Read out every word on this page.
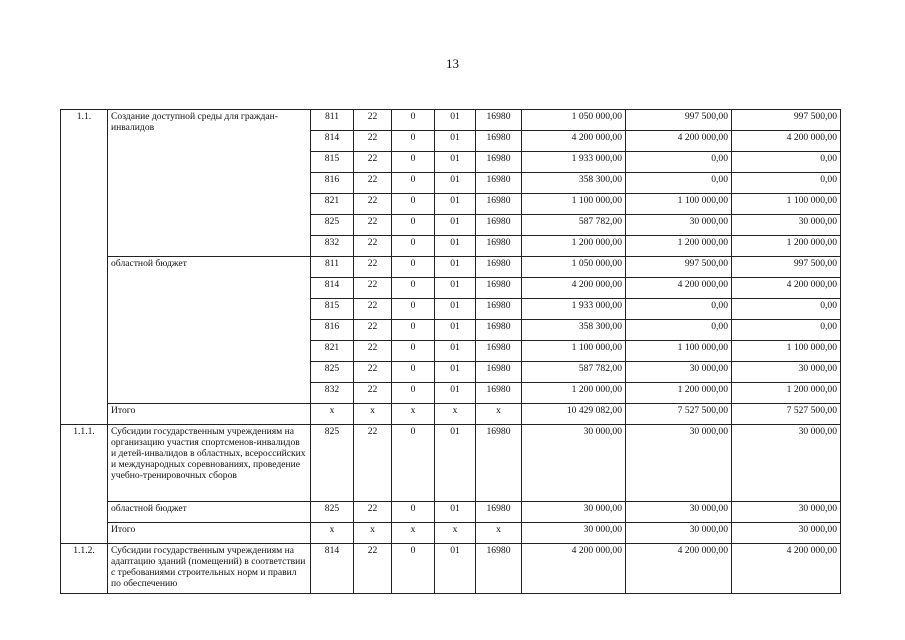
13
1.1.	Создание доступной среды для граждан-инвалидов	811	22	0	01	16980	1 050 000,00	997 500,00	997 500,00
		814	22	0	01	16980	4 200 000,00	4 200 000,00	4 200 000,00
		815	22	0	01	16980	1 933 000,00	0,00	0,00
		816	22	0	01	16980	358 300,00	0,00	0,00
		821	22	0	01	16980	1 100 000,00	1 100 000,00	1 100 000,00
		825	22	0	01	16980	587 782,00	30 000,00	30 000,00
		832	22	0	01	16980	1 200 000,00	1 200 000,00	1 200 000,00
	областной бюджет	811	22	0	01	16980	1 050 000,00	997 500,00	997 500,00
		814	22	0	01	16980	4 200 000,00	4 200 000,00	4 200 000,00
		815	22	0	01	16980	1 933 000,00	0,00	0,00
		816	22	0	01	16980	358 300,00	0,00	0,00
		821	22	0	01	16980	1 100 000,00	1 100 000,00	1 100 000,00
		825	22	0	01	16980	587 782,00	30 000,00	30 000,00
		832	22	0	01	16980	1 200 000,00	1 200 000,00	1 200 000,00
	Итого	х	х	х	х	х	10 429 082,00	7 527 500,00	7 527 500,00
1.1.1.	Субсидии государственным учреждениям на организацию участия спортсменов-инвалидов и детей-инвалидов в областных, всероссийских и международных соревнованиях, проведение учебно-тренировочных сборов	825	22	0	01	16980	30 000,00	30 000,00	30 000,00
	областной бюджет	825	22	0	01	16980	30 000,00	30 000,00	30 000,00
	Итого	х	х	х	х	х	30 000,00	30 000,00	30 000,00
1.1.2.	Субсидии государственным учреждениям на адаптацию зданий (помещений) в соответствии с требованиями строительных норм и правил по обеспечению	814	22	0	01	16980	4 200 000,00	4 200 000,00	4 200 000,00
